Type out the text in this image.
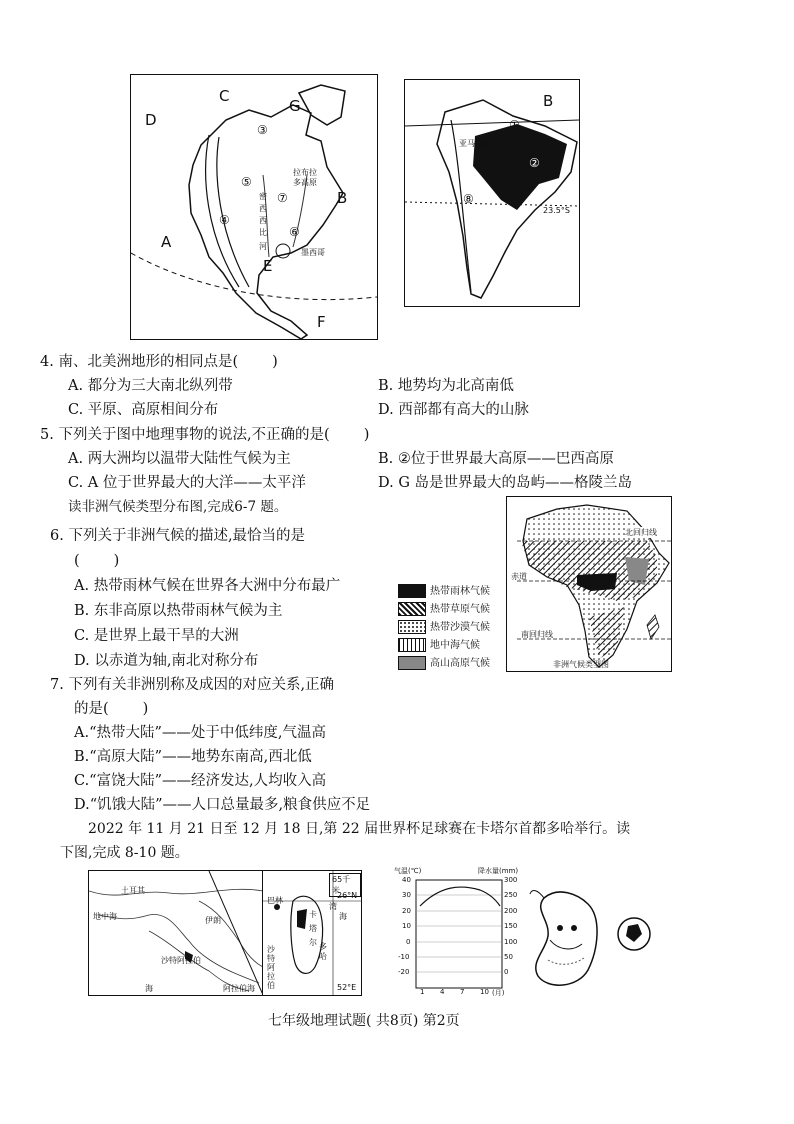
A
B
C
D
E
F
G
③
④
⑤
⑥
⑦
拉布拉
多高原
密
西
西
比
河
墨西哥
B
①
②
⑧
亚马孙河
23.5°S
4. 南、北美洲地形的相同点是( )
A. 都分为三大南北纵列带	B. 地势均为北高南低
C. 平原、高原相间分布	D. 西部都有高大的山脉
5. 下列关于图中地理事物的说法,不正确的是( )
A. 两大洲均以温带大陆性气候为主	B. ②位于世界最大高原——巴西高原
C. A 位于世界最大的大洋——太平洋	D. G 岛是世界最大的岛屿——格陵兰岛
读非洲气候类型分布图,完成6-7 题。
6. 下列关于非洲气候的描述,最恰当的是
( )
A. 热带雨林气候在世界各大洲中分布最广
B. 东非高原以热带雨林气候为主
C. 是世界上最干旱的大洲
D. 以赤道为轴,南北对称分布
北回归线
赤道
南回归线
非洲气候类型图
热带雨林气候
热带草原气候
热带沙漠气候
地中海气候
高山高原气候
7. 下列有关非洲别称及成因的对应关系,正确
的是( )
A.“热带大陆”——处于中低纬度,气温高
B.“高原大陆”——地势东南高,西北低
C.“富饶大陆”——经济发达,人均收入高
D.“饥饿大陆”——人口总量最多,粮食供应不足
2022 年 11 月 21 日至 12 月 18 日,第 22 届世界杯足球赛在卡塔尔首都多哈举行。读
下图,完成 8-10 题。
土耳其
地中海	伊朗
沙特阿拉伯
阿拉伯海
海
巴林
卡
塔
尔 多
哈
海
沙特阿拉伯
湾
65千米
26°N
52°E
气温(℃)	降水量(mm)
40
30
20
10
0
-10
-20
300
250
200
150
100
50
0
1 4 7 10 (月)
七年级地理试题( 共8页) 第2页
